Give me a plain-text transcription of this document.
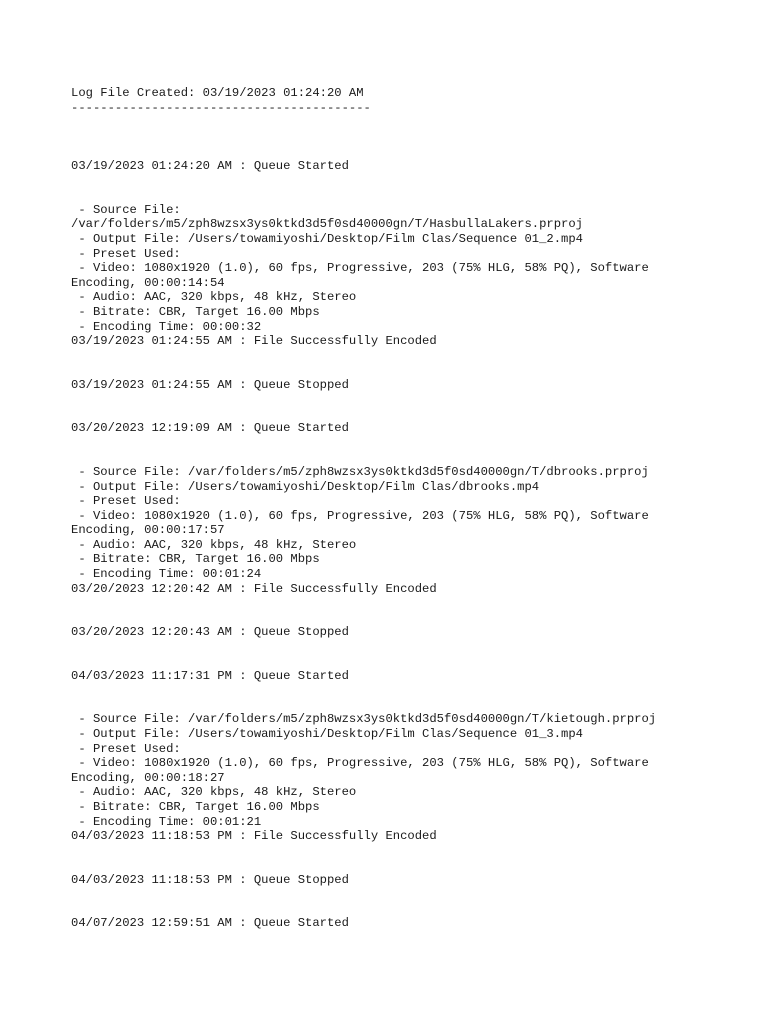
Log File Created: 03/19/2023 01:24:20 AM
-----------------------------------------
03/19/2023 01:24:20 AM : Queue Started
- Source File:
/var/folders/m5/zph8wzsx3ys0ktkd3d5f0sd40000gn/T/HasbullaLakers.prproj
- Output File: /Users/towamiyoshi/Desktop/Film Clas/Sequence 01_2.mp4
- Preset Used:
- Video: 1080x1920 (1.0), 60 fps, Progressive, 203 (75% HLG, 58% PQ), Software
Encoding, 00:00:14:54
- Audio: AAC, 320 kbps, 48 kHz, Stereo
- Bitrate: CBR, Target 16.00 Mbps
- Encoding Time: 00:00:32
03/19/2023 01:24:55 AM : File Successfully Encoded
03/19/2023 01:24:55 AM : Queue Stopped
03/20/2023 12:19:09 AM : Queue Started
- Source File: /var/folders/m5/zph8wzsx3ys0ktkd3d5f0sd40000gn/T/dbrooks.prproj
- Output File: /Users/towamiyoshi/Desktop/Film Clas/dbrooks.mp4
- Preset Used:
- Video: 1080x1920 (1.0), 60 fps, Progressive, 203 (75% HLG, 58% PQ), Software
Encoding, 00:00:17:57
- Audio: AAC, 320 kbps, 48 kHz, Stereo
- Bitrate: CBR, Target 16.00 Mbps
- Encoding Time: 00:01:24
03/20/2023 12:20:42 AM : File Successfully Encoded
03/20/2023 12:20:43 AM : Queue Stopped
04/03/2023 11:17:31 PM : Queue Started
- Source File: /var/folders/m5/zph8wzsx3ys0ktkd3d5f0sd40000gn/T/kietough.prproj
- Output File: /Users/towamiyoshi/Desktop/Film Clas/Sequence 01_3.mp4
- Preset Used:
- Video: 1080x1920 (1.0), 60 fps, Progressive, 203 (75% HLG, 58% PQ), Software
Encoding, 00:00:18:27
- Audio: AAC, 320 kbps, 48 kHz, Stereo
- Bitrate: CBR, Target 16.00 Mbps
- Encoding Time: 00:01:21
04/03/2023 11:18:53 PM : File Successfully Encoded
04/03/2023 11:18:53 PM : Queue Stopped
04/07/2023 12:59:51 AM : Queue Started
